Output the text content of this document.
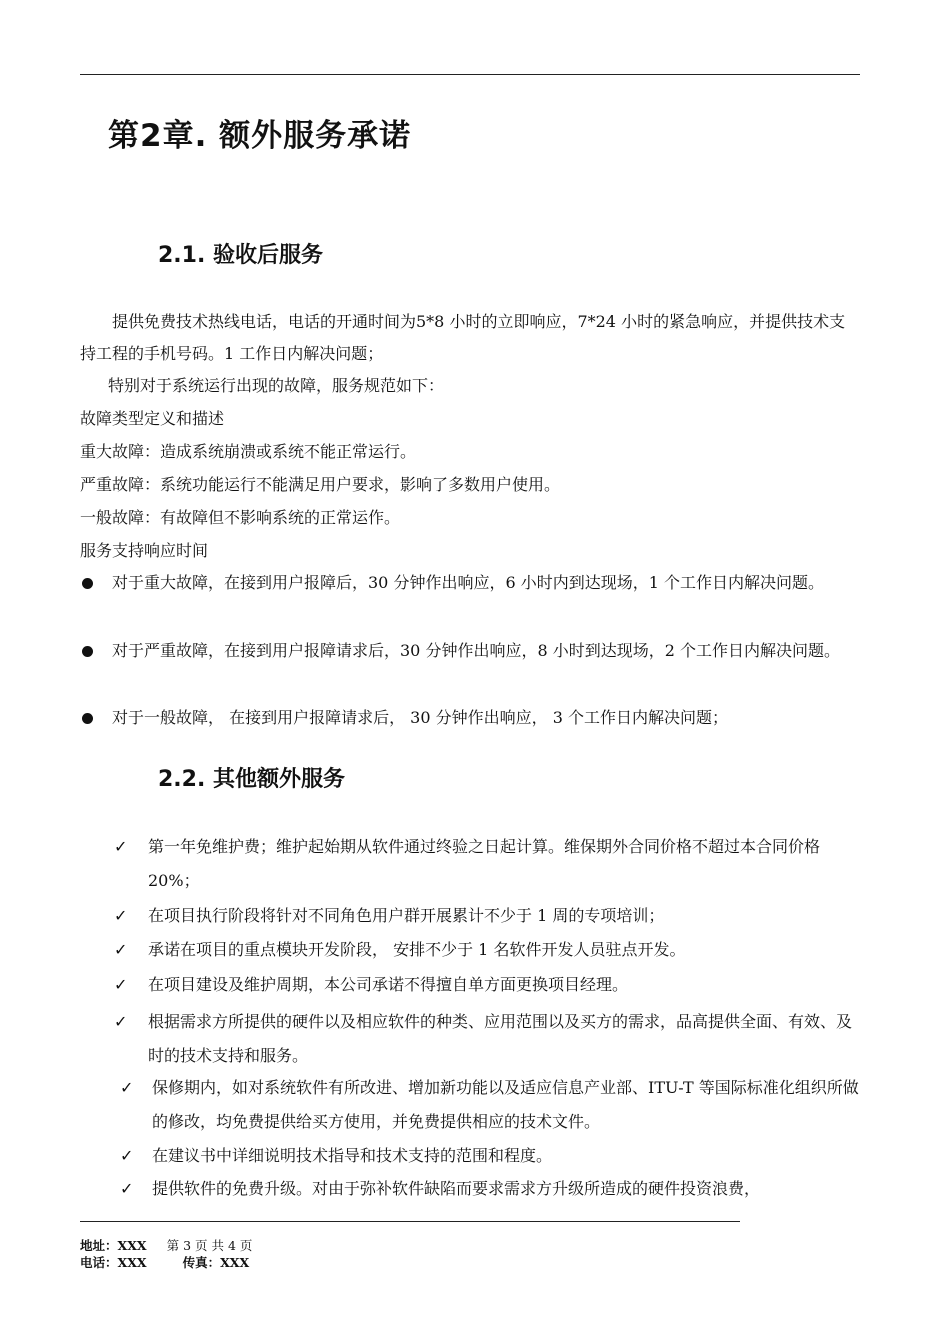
第2章. 额外服务承诺
2.1. 验收后服务

提供免费技术热线电话，电话的开通时间为5*8 小时的立即响应，7*24 小时的紧急响应，并提供技术支持工程的手机号码。1 工作日内解决问题；

特别对于系统运行出现的故障，服务规范如下：

故障类型定义和描述
重大故障：造成系统崩溃或系统不能正常运行。
严重故障：系统功能运行不能满足用户要求，影响了多数用户使用。
一般故障：有故障但不影响系统的正常运作。
服务支持响应时间
对于重大故障，在接到用户报障后，30 分钟作出响应，6 小时内到达现场，1 个工作日内解决问题。
对于严重故障，在接到用户报障请求后，30 分钟作出响应，8 小时到达现场，2 个工作日内解决问题。
对于一般故障， 在接到用户报障请求后， 30 分钟作出响应， 3 个工作日内解决问题；
2.2. 其他额外服务
✓ 第一年免维护费；维护起始期从软件通过终验之日起计算。维保期外合同价格不超过本合同价格 20%；
✓ 在项目执行阶段将针对不同角色用户群开展累计不少于 1 周的专项培训；
✓ 承诺在项目的重点模块开发阶段， 安排不少于 1 名软件开发人员驻点开发。
✓ 在项目建设及维护周期，本公司承诺不得擅自单方面更换项目经理。
✓ 根据需求方所提供的硬件以及相应软件的种类、应用范围以及买方的需求，品高提供全面、有效、及时的技术支持和服务。
✓ 保修期内，如对系统软件有所改进、增加新功能以及适应信息产业部、ITU-T 等国际标准化组织所做的修改，均免费提供给买方使用，并免费提供相应的技术文件。
✓ 在建议书中详细说明技术指导和技术支持的范围和程度。
✓ 提供软件的免费升级。对由于弥补软件缺陷而要求需求方升级所造成的硬件投资浪费，
地址：XXX 第 3 页 共 4 页
电话：XXX	传真：XXX
